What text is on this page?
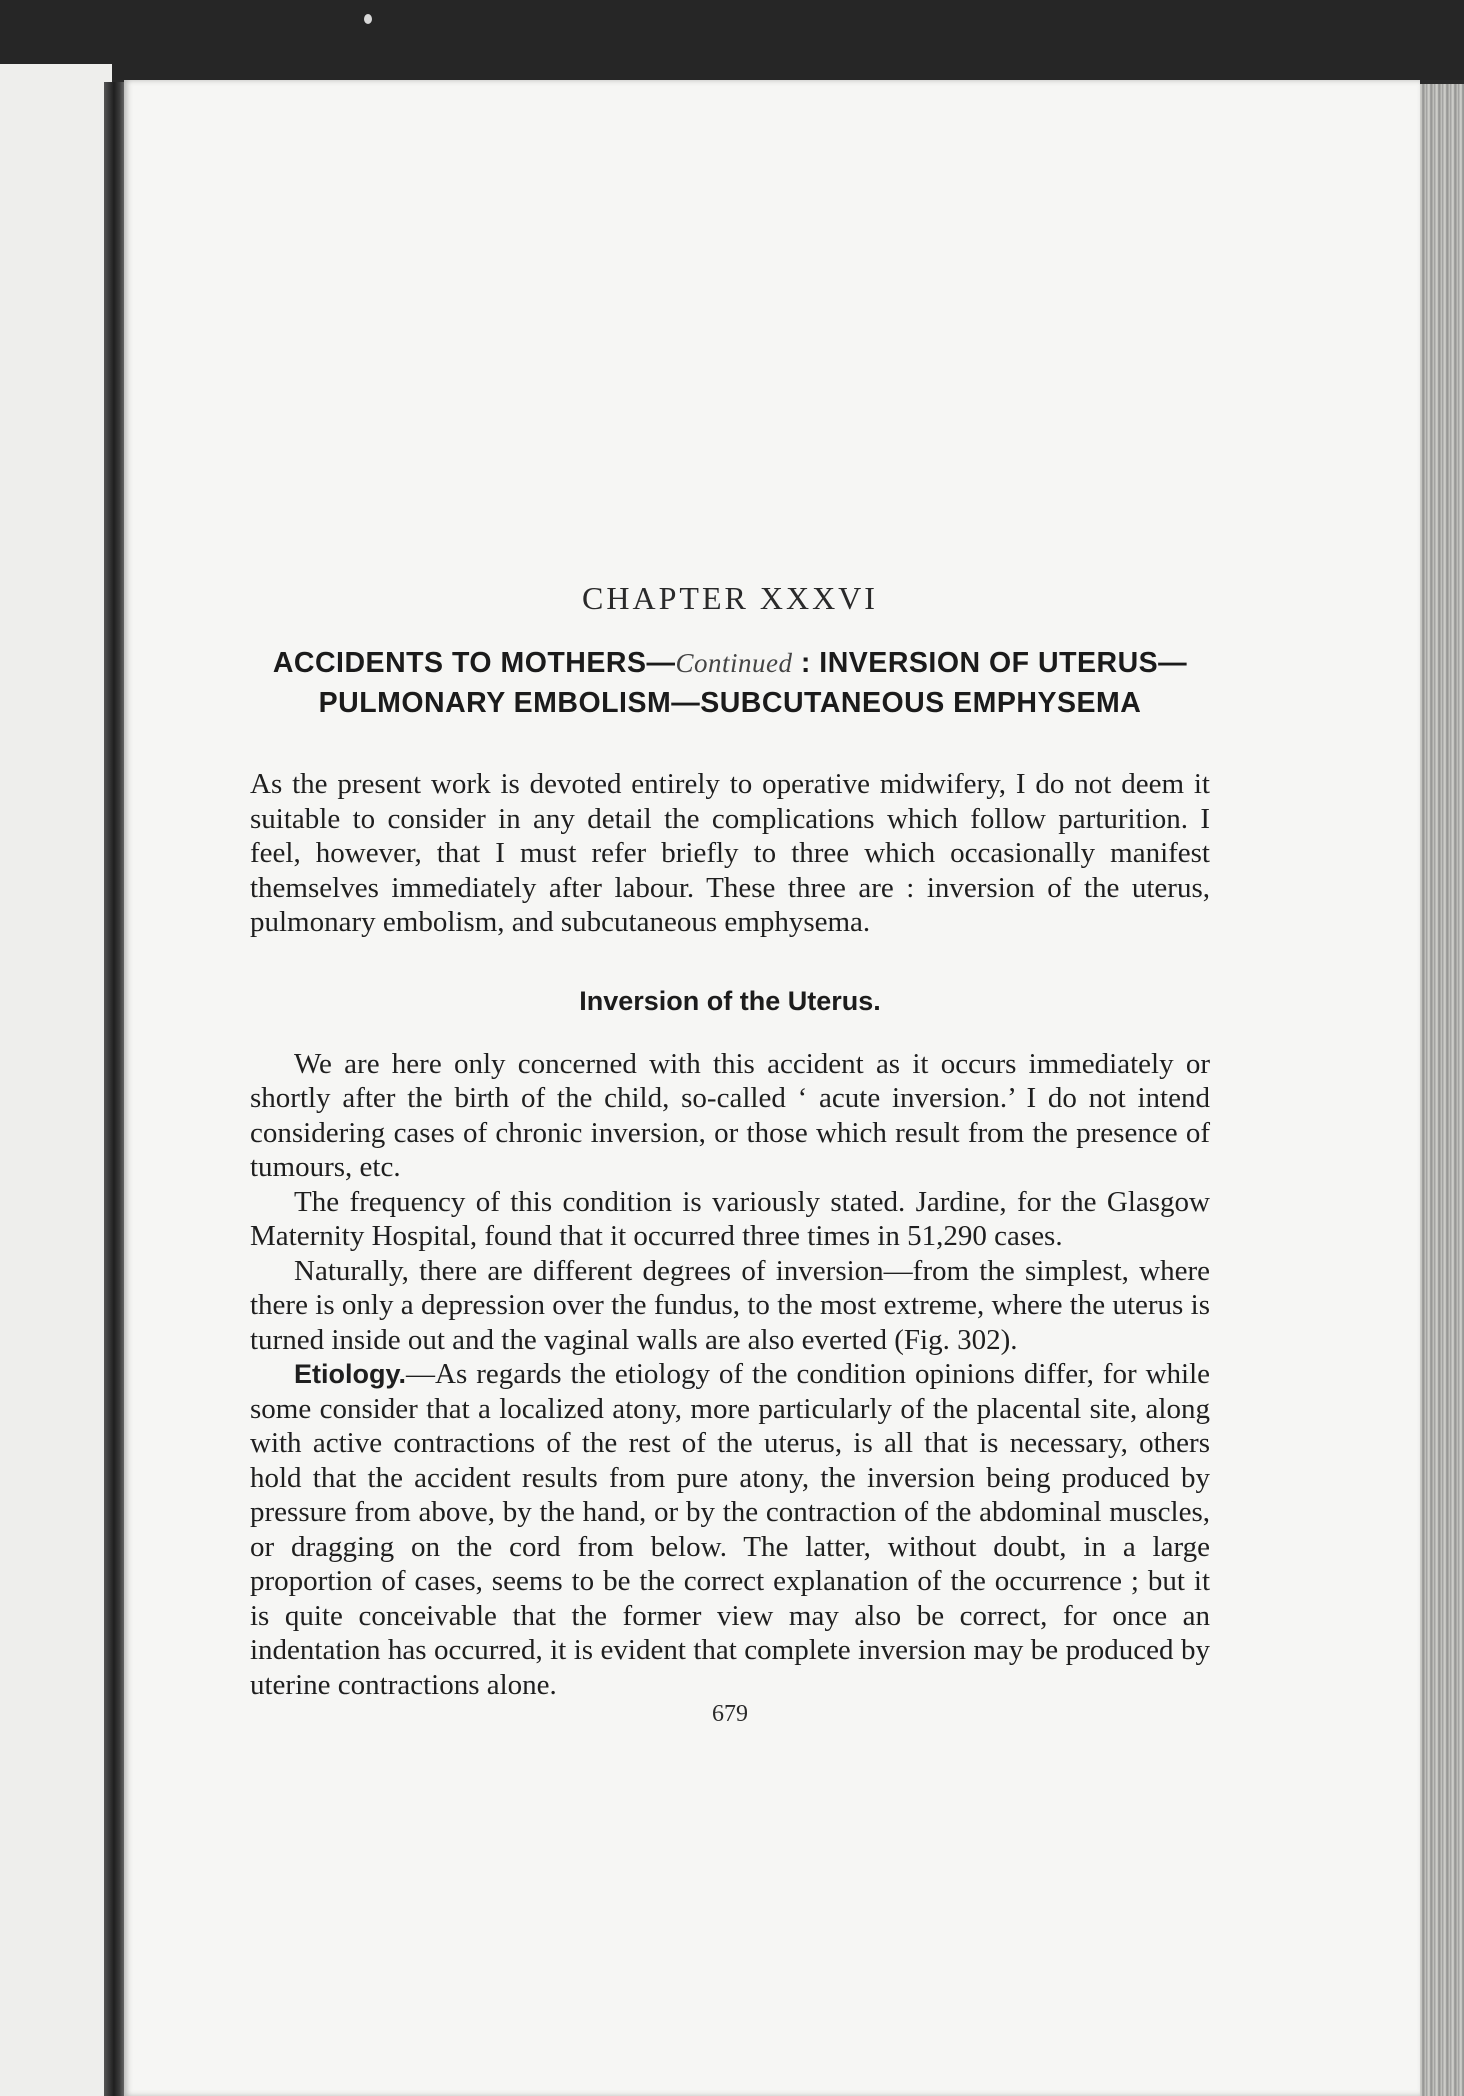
CHAPTER XXXVI
ACCIDENTS TO MOTHERS—Continued : INVERSION OF UTERUS—PULMONARY EMBOLISM—SUBCUTANEOUS EMPHYSEMA

As the present work is devoted entirely to operative midwifery, I do not deem it suitable to consider in any detail the complications which follow parturition. I feel, however, that I must refer briefly to three which occasionally manifest themselves immediately after labour. These three are : inversion of the uterus, pulmonary embolism, and subcutaneous emphysema.

Inversion of the Uterus.

We are here only concerned with this accident as it occurs immediately or shortly after the birth of the child, so-called ‘ acute inversion.’ I do not intend considering cases of chronic inversion, or those which result from the presence of tumours, etc.

The frequency of this condition is variously stated. Jardine, for the Glasgow Maternity Hospital, found that it occurred three times in 51,290 cases.

Naturally, there are different degrees of inversion—from the simplest, where there is only a depression over the fundus, to the most extreme, where the uterus is turned inside out and the vaginal walls are also everted (Fig. 302).

Etiology.—As regards the etiology of the condition opinions differ, for while some consider that a localized atony, more particularly of the placental site, along with active contractions of the rest of the uterus, is all that is necessary, others hold that the accident results from pure atony, the inversion being produced by pressure from above, by the hand, or by the contraction of the abdominal muscles, or dragging on the cord from below. The latter, without doubt, in a large proportion of cases, seems to be the correct explanation of the occurrence ; but it is quite conceivable that the former view may also be correct, for once an indentation has occurred, it is evident that complete inversion may be produced by uterine contractions alone.

679
